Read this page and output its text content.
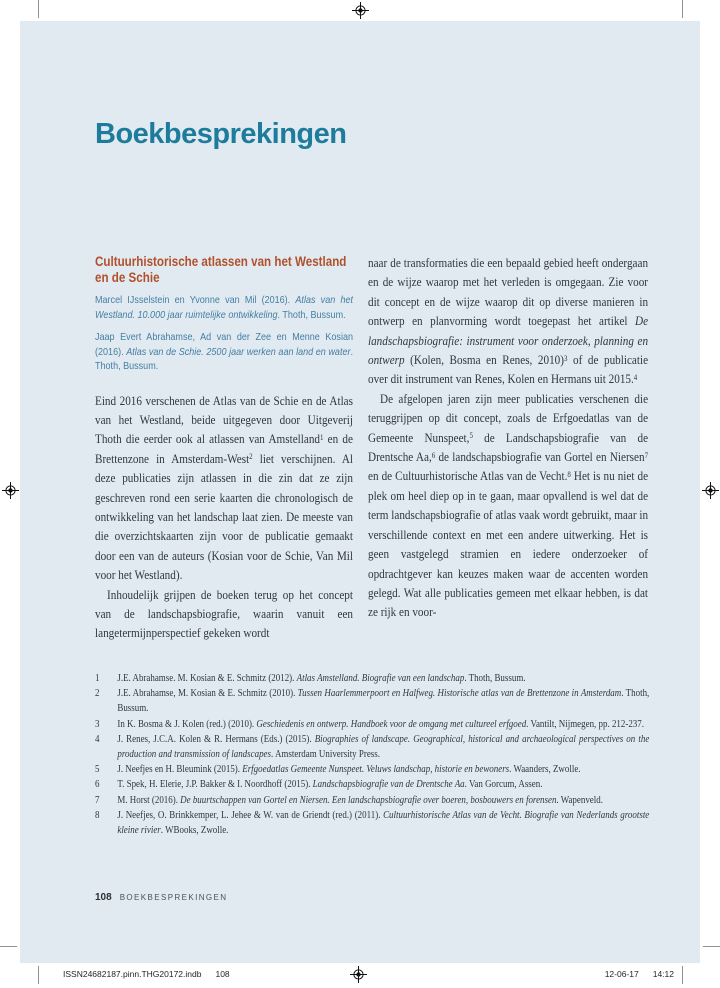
Boekbesprekingen
Cultuurhistorische atlassen van het Westland en de Schie

Marcel IJsselstein en Yvonne van Mil (2016). Atlas van het Westland. 10.000 jaar ruimtelijke ontwikkeling. Thoth, Bussum.

Jaap Evert Abrahamse, Ad van der Zee en Menne Kosian (2016). Atlas van de Schie. 2500 jaar werken aan land en water. Thoth, Bussum.

Eind 2016 verschenen de Atlas van de Schie en de Atlas van het Westland, beide uitgegeven door Uitgeverij Thoth die eerder ook al atlassen van Amstelland$^1$ en de Brettenzone in Amsterdam-West$^2$ liet verschijnen. Al deze publicaties zijn atlassen in die zin dat ze zijn geschreven rond een serie kaarten die chronologisch de ontwikkeling van het landschap laat zien. De meeste van die overzichtskaarten zijn voor de publicatie gemaakt door een van de auteurs (Kosian voor de Schie, Van Mil voor het Westland).

Inhoudelijk grijpen de boeken terug op het concept van de landschapsbiografie, waarin vanuit een langetermijnperspectief gekeken wordt

naar de transformaties die een bepaald gebied heeft ondergaan en de wijze waarop met het verleden is omgegaan. Zie voor dit concept en de wijze waarop dit op diverse manieren in ontwerp en planvorming wordt toegepast het artikel De landschapsbiografie: instrument voor onderzoek, planning en ontwerp (Kolen, Bosma en Renes, 2010)$^3$ of de publicatie over dit instrument van Renes, Kolen en Hermans uit 2015.$^4$

De afgelopen jaren zijn meer publicaties verschenen die teruggrijpen op dit concept, zoals de Erfgoedatlas van de Gemeente Nunspeet,$^5$ de Landschapsbiografie van de Drentsche Aa,$^6$ de landschapsbiografie van Gortel en Niersen$^7$ en de Cultuurhistorische Atlas van de Vecht.$^8$ Het is nu niet de plek om heel diep op in te gaan, maar opvallend is wel dat de term landschapsbiografie of atlas vaak wordt gebruikt, maar in verschillende context en met een andere uitwerking. Het is geen vastgelegd stramien en iedere onderzoeker of opdrachtgever kan keuzes maken waar de accenten worden gelegd. Wat alle publicaties gemeen met elkaar hebben, is dat ze rijk en voor-

1	J.E. Abrahamse. M. Kosian & E. Schmitz (2012). Atlas Amstelland. Biografie van een landschap. Thoth, Bussum.
2	J.E. Abrahamse, M. Kosian & E. Schmitz (2010). Tussen Haarlemmerpoort en Halfweg. Historische atlas van de Brettenzone in Amsterdam. Thoth, Bussum.
3	In K. Bosma & J. Kolen (red.) (2010). Geschiedenis en ontwerp. Handboek voor de omgang met cultureel erfgoed. Vantilt, Nijmegen, pp. 212-237.
4	J. Renes, J.C.A. Kolen & R. Hermans (Eds.) (2015). Biographies of landscape. Geographical, historical and archaeological perspectives on the production and transmission of landscapes. Amsterdam University Press.
5	J. Neefjes en H. Bleumink (2015). Erfgoedatlas Gemeente Nunspeet. Veluws landschap, historie en bewoners. Waanders, Zwolle.
6	T. Spek, H. Elerie, J.P. Bakker & I. Noordhoff (2015). Landschapsbiografie van de Drentsche Aa. Van Gorcum, Assen.
7	M. Horst (2016). De buurtschappen van Gortel en Niersen. Een landschapsbiografie over boeren, bosbouwers en forensen. Wapenveld.
8	J. Neefjes, O. Brinkkemper, L. Jehee & W. van de Griendt (red.) (2011). Cultuurhistorische Atlas van de Vecht. Biografie van Nederlands grootste kleine rivier. WBooks, Zwolle.
108 BOEKBESPREKINGEN
ISSN24682187.pinn.THG20172.indb 108	12-06-17 14:12
